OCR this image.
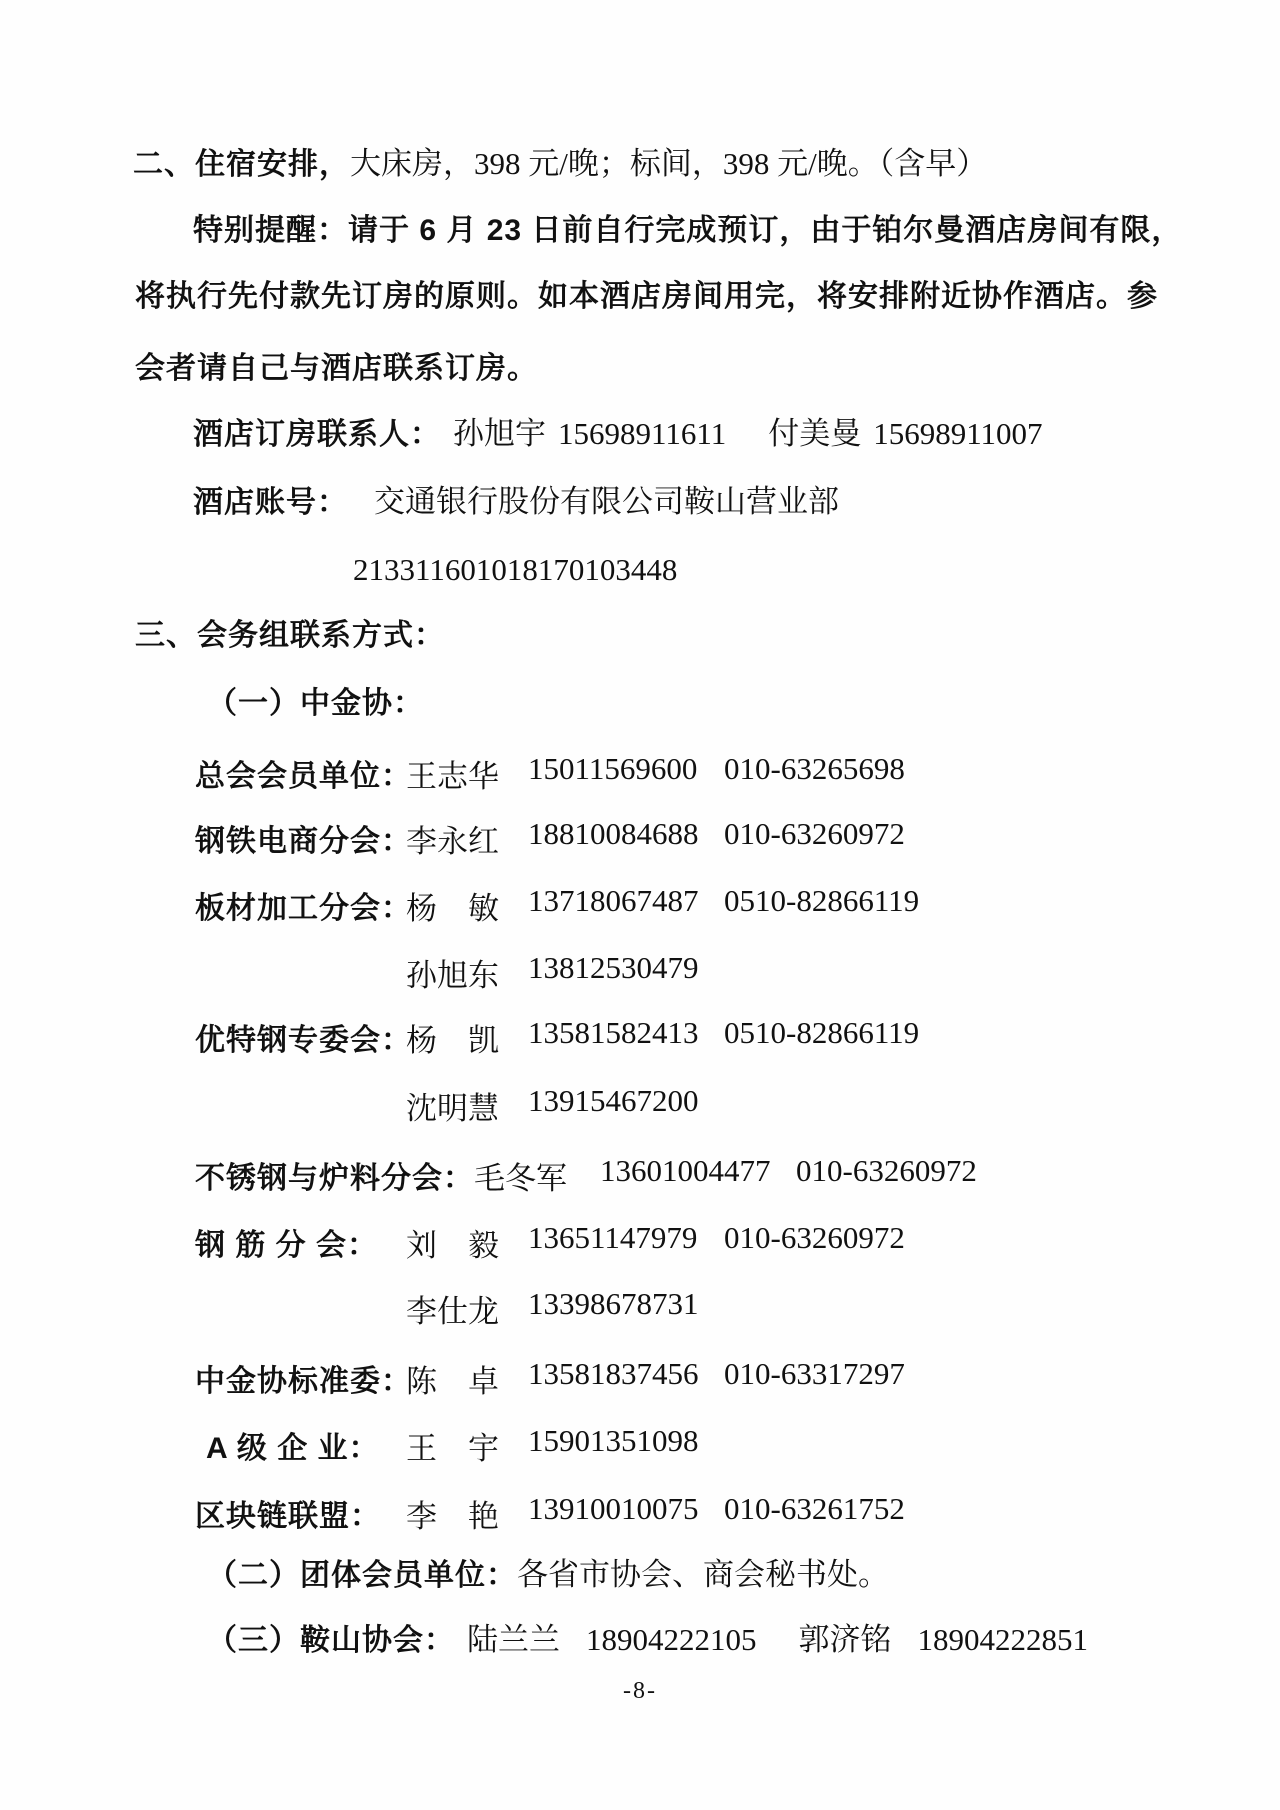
二、住宿安排， 大床房，398 元/晚；标间，398 元/晚。（含早）
特别提醒：请于 6 月 23 日前自行完成预订，由于铂尔曼酒店房间有限，
将执行先付款先订房的原则。如本酒店房间用完，将安排附近协作酒店。参
会者请自己与酒店联系订房。
酒店订房联系人： 孙旭宇 15698911611 付美曼 15698911007
酒店账号： 交通银行股份有限公司鞍山营业部
213311601018170103448
三、会务组联系方式：
（一）中金协：
总会会员单位：
王志华 15011569600 010-63265698
钢铁电商分会：
李永红 18810084688 010-63260972
板材加工分会：
杨　敏 13718067487 0510-82866119
孙旭东 13812530479
优特钢专委会：
杨　凯 13581582413 0510-82866119
沈明慧 13915467200
不锈钢与炉料分会： 毛冬军 13601004477 010-63260972
钢 筋 分 会： 刘　毅 13651147979 010-63260972
李仕龙 13398678731
中金协标准委：
陈　卓 13581837456 010-63317297
A 级 企 业： 王　宇 15901351098
区块链联盟： 李　艳 13910010075 010-63261752
（二）团体会员单位： 各省市协会、商会秘书处。
（三）鞍山协会： 陆兰兰 18904222105 郭济铭 18904222851
-8-
